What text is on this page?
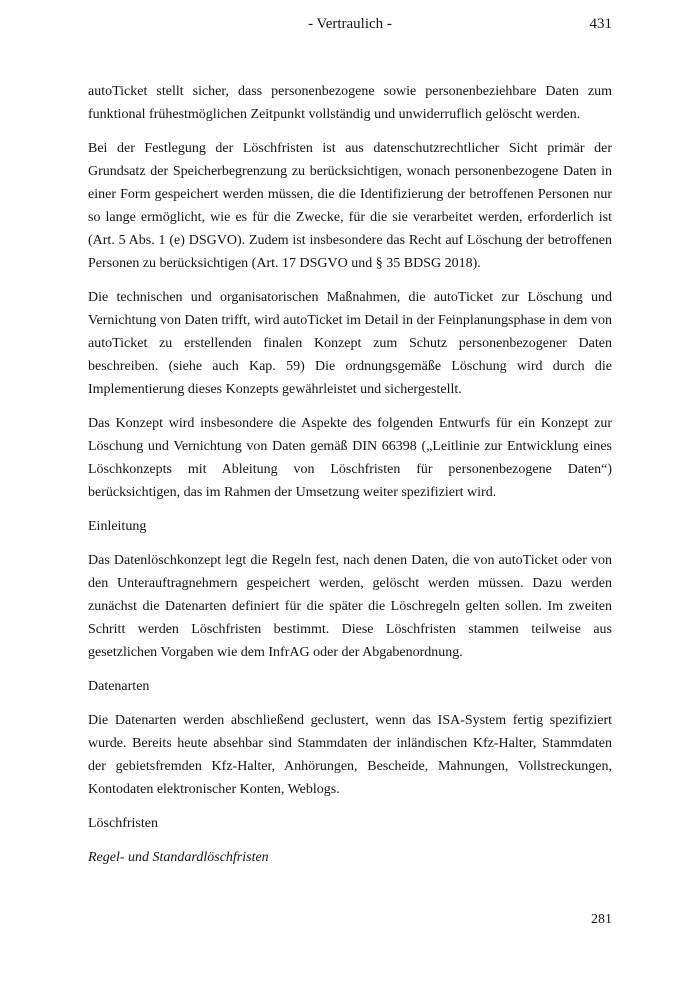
- Vertraulich -	431

autoTicket stellt sicher, dass personenbezogene sowie personenbeziehbare Daten zum funktional frühestmöglichen Zeitpunkt vollständig und unwiderruflich gelöscht werden.

Bei der Festlegung der Löschfristen ist aus datenschutzrechtlicher Sicht primär der Grundsatz der Speicherbegrenzung zu berücksichtigen, wonach personenbezogene Daten in einer Form gespeichert werden müssen, die die Identifizierung der betroffenen Personen nur so lange ermöglicht, wie es für die Zwecke, für die sie verarbeitet werden, erforderlich ist (Art. 5 Abs. 1 (e) DSGVO). Zudem ist insbesondere das Recht auf Löschung der betroffenen Personen zu berücksichtigen (Art. 17 DSGVO und § 35 BDSG 2018).

Die technischen und organisatorischen Maßnahmen, die autoTicket zur Löschung und Vernichtung von Daten trifft, wird autoTicket im Detail in der Feinplanungsphase in dem von autoTicket zu erstellenden finalen Konzept zum Schutz personenbezogener Daten beschreiben. (siehe auch Kap. 59) Die ordnungsgemäße Löschung wird durch die Implementierung dieses Konzepts gewährleistet und sichergestellt.

Das Konzept wird insbesondere die Aspekte des folgenden Entwurfs für ein Konzept zur Löschung und Vernichtung von Daten gemäß DIN 66398 („Leitlinie zur Entwicklung eines Löschkonzepts mit Ableitung von Löschfristen für personenbezogene Daten“) berücksichtigen, das im Rahmen der Umsetzung weiter spezifiziert wird.

Einleitung

Das Datenlöschkonzept legt die Regeln fest, nach denen Daten, die von autoTicket oder von den Unterauftragnehmern gespeichert werden, gelöscht werden müssen. Dazu werden zunächst die Datenarten definiert für die später die Löschregeln gelten sollen. Im zweiten Schritt werden Löschfristen bestimmt. Diese Löschfristen stammen teilweise aus gesetzlichen Vorgaben wie dem InfrAG oder der Abgabenordnung.

Datenarten

Die Datenarten werden abschließend geclustert, wenn das ISA-System fertig spezifiziert wurde. Bereits heute absehbar sind Stammdaten der inländischen Kfz-Halter, Stammdaten der gebietsfremden Kfz-Halter, Anhörungen, Bescheide, Mahnungen, Vollstreckungen, Kontodaten elektronischer Konten, Weblogs.

Löschfristen

Regel- und Standardlöschfristen

281
